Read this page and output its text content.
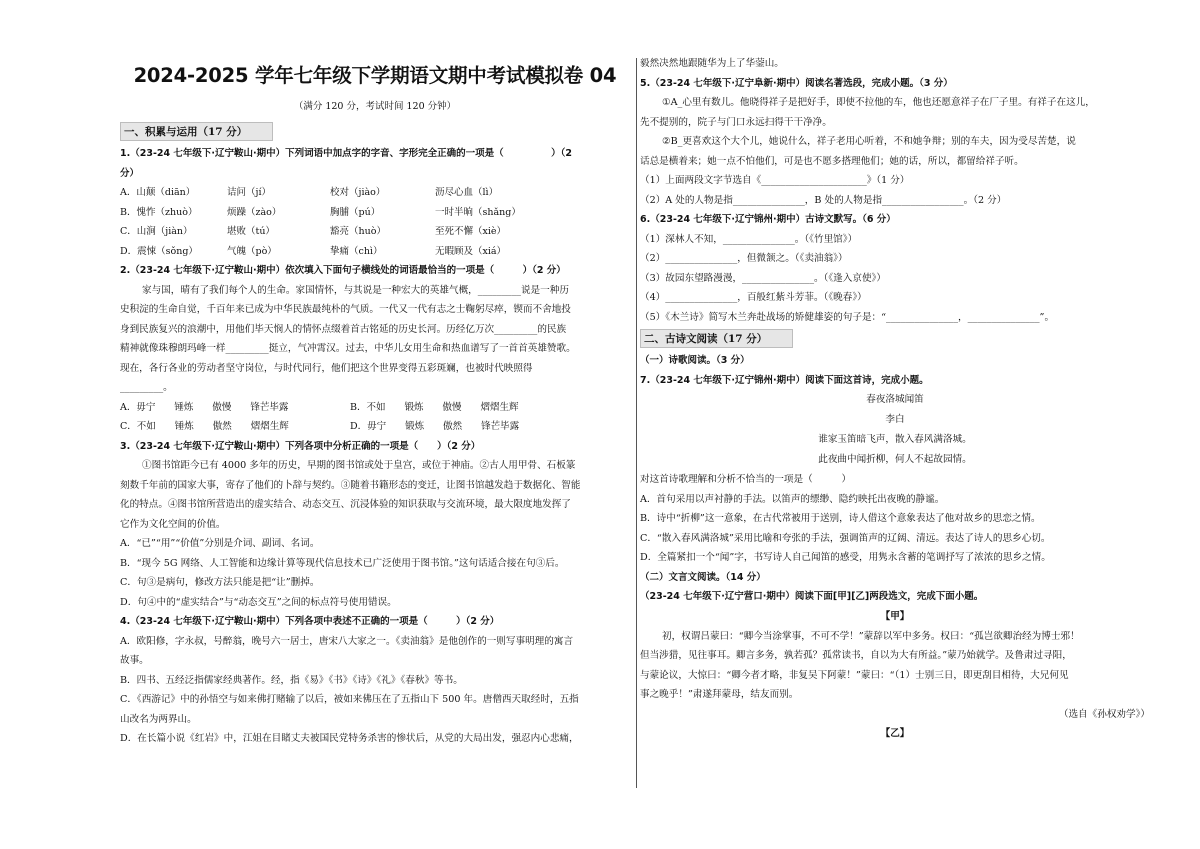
2024-2025 学年七年级下学期语文期中考试模拟卷 04
（满分 120 分，考试时间 120 分钟）
一、积累与运用（17 分）

1.（23-24 七年级下·辽宁鞍山·期中）下列词语中加点字的字音、字形完全正确的一项是（　　　　　）（2

分）

A．山颠（diān）	诘问（jí）	校对（jiào）	沥尽心血（lì）
B．愧怍（zhuò）	烦躁（zào）	胸脯（pú）	一时半晌（shǎng）
C．山涧（jiàn）	堪败（tú）	豁亮（huò）	至死不懈（xiè）
D．震悚（sǒng）	气魄（pò）	挚痛（chì）	无暇顾及（xiá）

2.（23-24 七年级下·辽宁鞍山·期中）依次填入下面句子横线处的词语最恰当的一项是（　　　）（2 分）

家与国，晴有了我们每个人的生命。家国情怀，与其说是一种宏大的英雄气概，_________说是一种历
史积淀的生命自觉，千百年来已成为中华民族最纯朴的气质。一代又一代有志之士鞠躬尽瘁，锲而不舍地投
身到民族复兴的浪潮中，用他们毕天悯人的情怀点缀着首古铭延的历史长河。历经亿万次_________的民族
精神就像珠穆朗玛峰一样_________挺立，气冲霄汉。过去，中华儿女用生命和热血谱写了一首首英雄赞歌。
现在，各行各业的劳动者坚守岗位，与时代同行，他们把这个世界变得五彩斑斓，也被时代映照得
_________。

A．毋宁　　锤炼　　傲慢　　锋芒毕露	B．不如　　锻炼　　傲慢　　熠熠生辉
C．不如　　锤炼　　傲然　　熠熠生辉	D．毋宁　　锻炼　　傲然　　锋芒毕露

3.（23-24 七年级下·辽宁鞍山·期中）下列各项中分析正确的一项是（　　）（2 分）

①图书馆距今已有 4000 多年的历史，早期的图书馆或处于皇宫，或位于神庙。②古人用甲骨、石板篆
刻数千年前的国家大事，寄存了他们的卜辞与契约。③随着书籍形态的变迁，让图书馆越发趋于数据化、智能
化的特点。④图书馆所营造出的虚实结合、动态交互、沉浸体验的知识获取与交流环境，最大限度地发挥了
它作为文化空间的价值。

A．“已”“用”“价值”分别是介词、副词、名词。
B．“现今 5G 网络、人工智能和边缘计算等现代信息技术已广泛使用于图书馆。”这句话适合接在句③后。
C．句③是病句，修改方法只能是把“让”删掉。
D．句④中的“虚实结合”与“动态交互”之间的标点符号使用错误。

4.（23-24 七年级下·辽宁鞍山·期中）下列各项中表述不正确的一项是（　　　）（2 分）

A．欧阳修，字永叔，号醉翁，晚号六一居士，唐宋八大家之一。《卖油翁》是他创作的一则写事明理的寓言
故事。
B．四书、五经泛指儒家经典著作。经，指《易》《书》《诗》《礼》《春秋》等书。
C．《西游记》中的孙悟空与如来佛打赌输了以后，被如来佛压在了五指山下 500 年。唐僧西天取经时，五指
山改名为两界山。
D．在长篇小说《红岩》中，江姐在目睹丈夫被国民党特务杀害的惨状后，从党的大局出发，强忍内心悲痛，

毅然决然地跟随华为上了华蓥山。

5.（23-24 七年级下·辽宁阜新·期中）阅读名著选段，完成小题。（3 分）

①A_心里有数儿。他晓得祥子是把好手，即使不拉他的车，他也还愿意祥子在厂子里。有祥子在这儿，
先不提别的，院子与门口永远扫得干干净净。
②B_更喜欢这个大个儿，她说什么，祥子老用心听着，不和她争辩；别的车夫，因为受尽苦楚，说
话总是横着来；她一点不怕他们，可是也不愿多搭理他们；她的话，所以，都留给祥子听。

（1）上面两段文字节选自《______________________》（1 分）
（2）A 处的人物是指_______________，B 处的人物是指_________________。（2 分）

6.（23-24 七年级下·辽宁锦州·期中）古诗文默写。（6 分）

（1）深林人不知，_______________。（《竹里馆》）
（2）_______________，但微颔之。（《卖油翁》）
（3）故园东望路漫漫，_______________。（《逢入京使》）
（4）_______________，百般红紫斗芳菲。（《晚春》）
（5）《木兰诗》简写木兰奔赴战场的矫健雄姿的句子是：“_______________，_______________”。

二、古诗文阅读（17 分）

（一）诗歌阅读。（3 分）

7.（23-24 七年级下·辽宁锦州·期中）阅读下面这首诗，完成小题。

春夜洛城闻笛

李白

谁家玉笛暗飞声，散入春风满洛城。

此夜曲中闻折柳，何人不起故园情。

对这首诗歌理解和分析不恰当的一项是（　　　）

A．首句采用以声衬静的手法。以笛声的缥缈、隐约映托出夜晚的静谧。
B．诗中“折柳”这一意象，在古代常被用于送别，诗人借这个意象表达了他对故乡的思恋之情。
C．“散入春风满洛城”采用比喻和夸张的手法，强调笛声的辽阔、清远。表达了诗人的思乡心切。
D．全篇紧扣一个“闻”字，书写诗人自己闻笛的感受，用隽永含蓄的笔调抒写了浓浓的思乡之情。

（二）文言文阅读。（14 分）

（23-24 七年级下·辽宁营口·期中）阅读下面[甲][乙]两段选文，完成下面小题。

【甲】

初，权谓吕蒙曰：“卿今当涂掌事，不可不学！”蒙辞以军中多务。权曰：“孤岂欲卿治经为博士邪！
但当涉猎，见往事耳。卿言多务，孰若孤？孤常读书，自以为大有所益。”蒙乃始就学。及鲁肃过寻阳，
与蒙论议，大惊曰：“卿今者才略，非复吴下阿蒙！”蒙曰：“（1）士别三日，即更刮目相待，大兄何见
事之晚乎！”肃遂拜蒙母，结友而别。

（选自《孙权劝学》）

【乙】
